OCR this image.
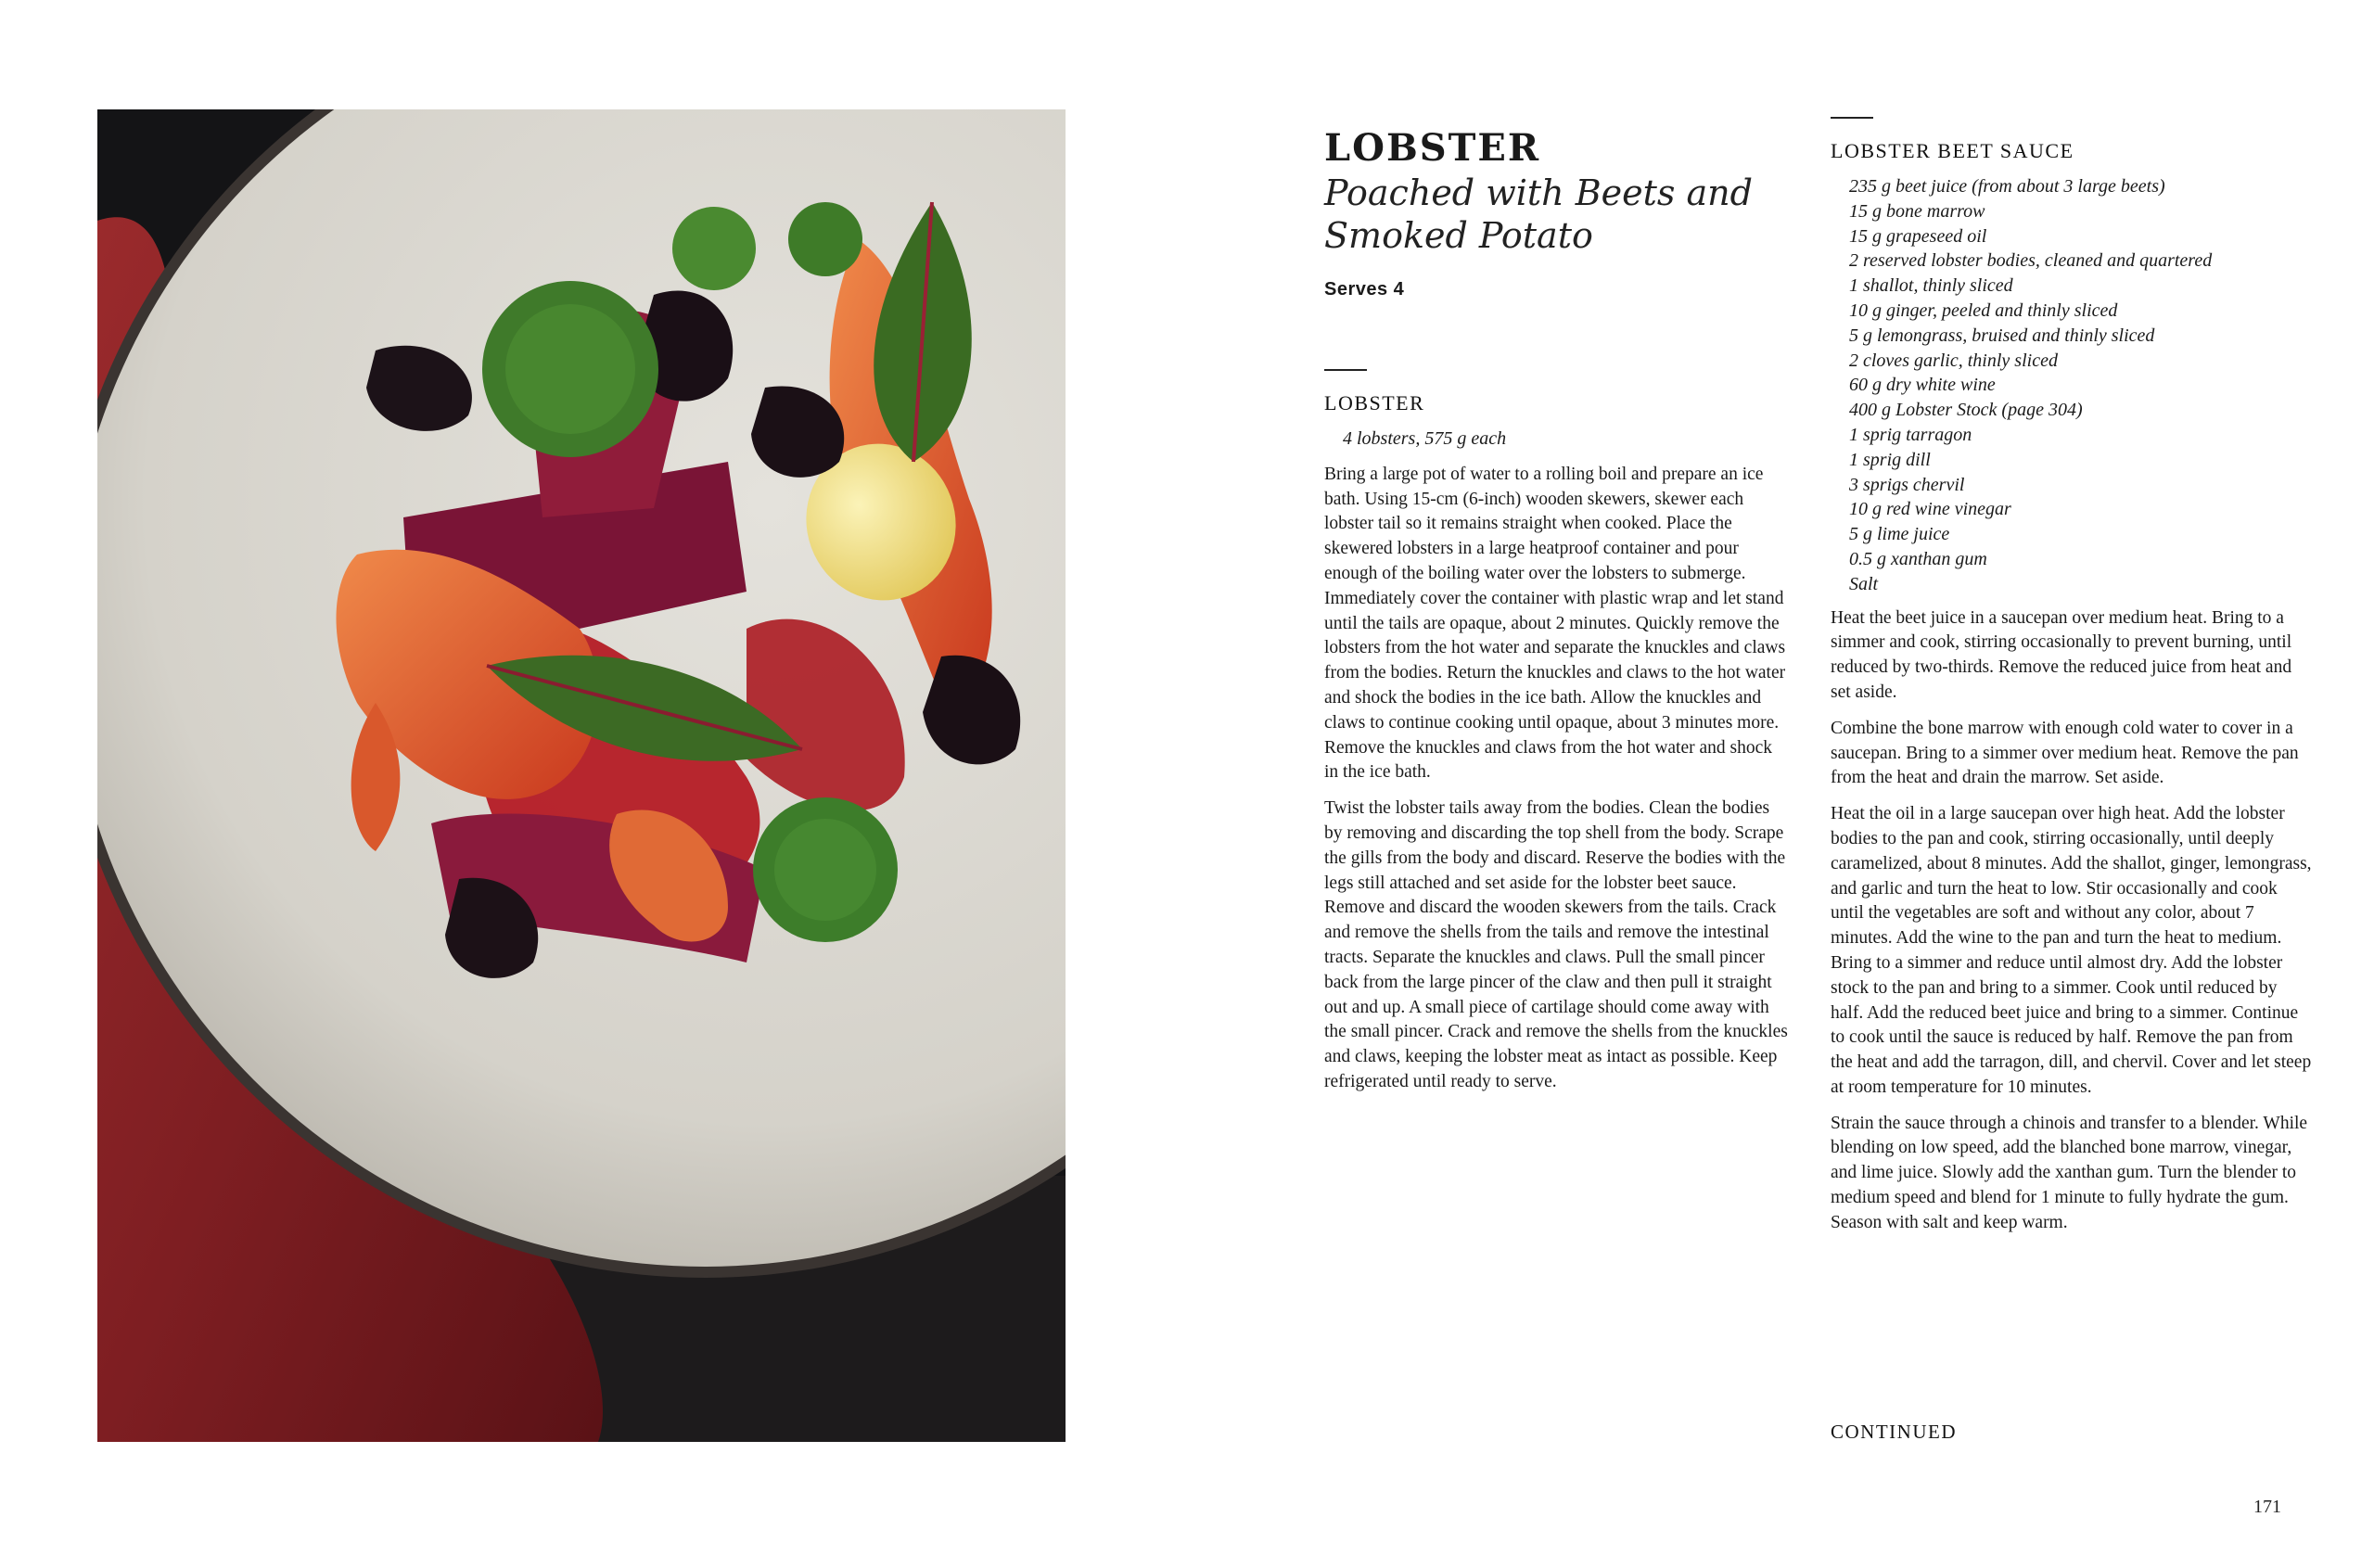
LOBSTER

Poached with Beets and

Smoked Potato

Serves 4
LOBSTER
4 lobsters, 575 g each

Bring a large pot of water to a rolling boil and prepare an ice bath. Using 15-cm (6-inch) wooden skewers, skewer each lobster tail so it remains straight when cooked. Place the skewered lobsters in a large heatproof container and pour enough of the boiling water over the lobsters to submerge. Immediately cover the container with plastic wrap and let stand until the tails are opaque, about 2 minutes. Quickly remove the lobsters from the hot water and separate the knuckles and claws from the bodies. Return the knuckles and claws to the hot water and shock the bodies in the ice bath. Allow the knuckles and claws to continue cooking until opaque, about 3 minutes more. Remove the knuckles and claws from the hot water and shock in the ice bath.

Twist the lobster tails away from the bodies. Clean the bodies by removing and discarding the top shell from the body. Scrape the gills from the body and discard. Reserve the bodies with the legs still attached and set aside for the lobster beet sauce. Remove and discard the wooden skewers from the tails. Crack and remove the shells from the tails and remove the intestinal tracts. Separate the knuckles and claws. Pull the small pincer back from the large pincer of the claw and then pull it straight out and up. A small piece of cartilage should come away with the small pincer. Crack and remove the shells from the knuckles and claws, keeping the lobster meat as intact as possible. Keep refrigerated until ready to serve.

LOBSTER BEET SAUCE
235 g beet juice (from about 3 large beets)
15 g bone marrow
15 g grapeseed oil
2 reserved lobster bodies, cleaned and quartered
1 shallot, thinly sliced
10 g ginger, peeled and thinly sliced
5 g lemongrass, bruised and thinly sliced
2 cloves garlic, thinly sliced
60 g dry white wine
400 g Lobster Stock (page 304)
1 sprig tarragon
1 sprig dill
3 sprigs chervil
10 g red wine vinegar
5 g lime juice
0.5 g xanthan gum
Salt

Heat the beet juice in a saucepan over medium heat. Bring to a simmer and cook, stirring occasionally to prevent burning, until reduced by two-thirds. Remove the reduced juice from heat and set aside.

Combine the bone marrow with enough cold water to cover in a saucepan. Bring to a simmer over medium heat. Remove the pan from the heat and drain the marrow. Set aside.

Heat the oil in a large saucepan over high heat. Add the lobster bodies to the pan and cook, stirring occasionally, until deeply caramelized, about 8 minutes. Add the shallot, ginger, lemongrass, and garlic and turn the heat to low. Stir occasionally and cook until the vegetables are soft and without any color, about 7 minutes. Add the wine to the pan and turn the heat to medium. Bring to a simmer and reduce until almost dry. Add the lobster stock to the pan and bring to a simmer. Cook until reduced by half. Add the reduced beet juice and bring to a simmer. Continue to cook until the sauce is reduced by half. Remove the pan from the heat and add the tarragon, dill, and chervil. Cover and let steep at room temperature for 10 minutes.

Strain the sauce through a chinois and transfer to a blender. While blending on low speed, add the blanched bone marrow, vinegar, and lime juice. Slowly add the xanthan gum. Turn the blender to medium speed and blend for 1 minute to fully hydrate the gum. Season with salt and keep warm.

CONTINUED
171
